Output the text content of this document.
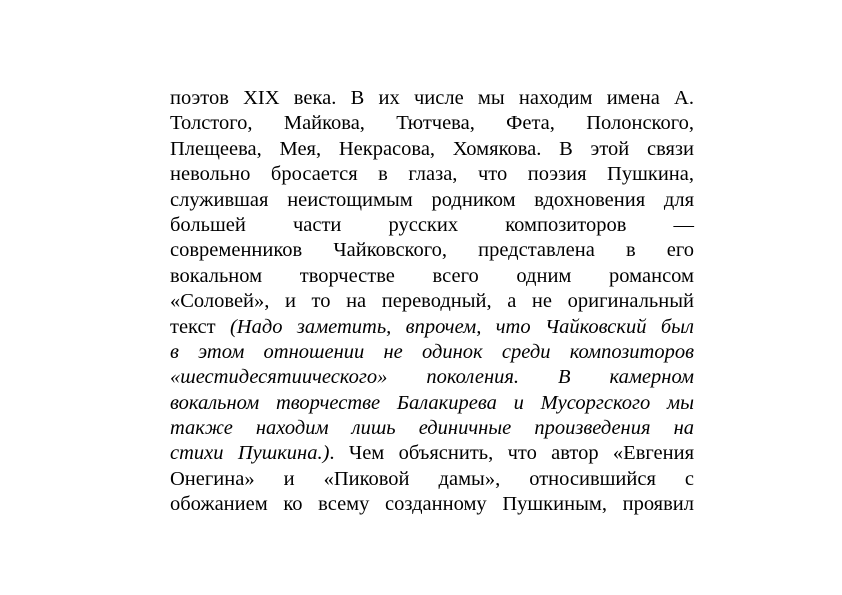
поэтов XIX века. В их числе мы находим имена А.
Толстого, Майкова, Тютчева, Фета, Полонского,
Плещеева, Мея, Некрасова, Хомякова. В этой связи
невольно бросается в глаза, что поэзия Пушкина,
служившая неистощимым родником вдохновения для
большей части русских композиторов —
современников Чайковского, представлена в его
вокальном творчестве всего одним романсом
«Соловей», и то на переводный, а не оригинальный
текст (Надо заметить, впрочем, что Чайковский был
в этом отношении не одинок среди композиторов
«шестидесятиического» поколения. В камерном
вокальном творчестве Балакирева и Мусоргского мы
также находим лишь единичные произведения на
стихи Пушкина.). Чем объяснить, что автор «Евгения
Онегина» и «Пиковой дамы», относившийся с
обожанием ко всему созданному Пушкиным, проявил
